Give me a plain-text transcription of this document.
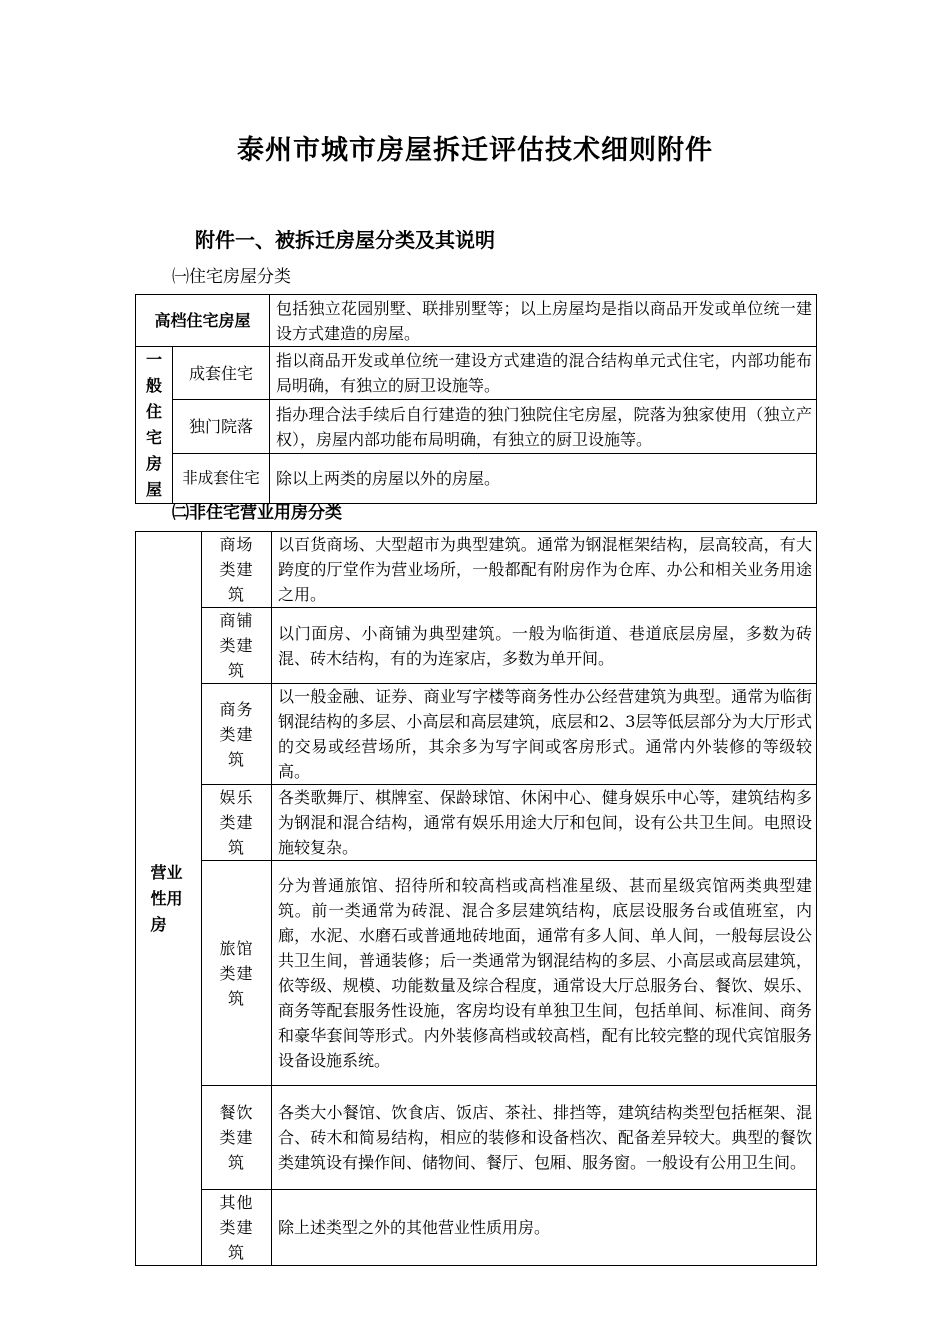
泰州市城市房屋拆迁评估技术细则附件
附件一、被拆迁房屋分类及其说明
㈠住宅房屋分类
高档住宅房屋		包括独立花园别墅、联排别墅等；以上房屋均是指以商品开发或单位统一建设方式建造的房屋。

一般住宅房屋	成套住宅	指以商品开发或单位统一建设方式建造的混合结构单元式住宅，内部功能布局明确，有独立的厨卫设施等。
	独门院落	指办理合法手续后自行建造的独门独院住宅房屋，院落为独家使用（独立产权），房屋内部功能布局明确，有独立的厨卫设施等。
	非成套住宅	除以上两类的房屋以外的房屋。
㈡非住宅营业用房分类
营业性用房	商场类建筑	以百货商场、大型超市为典型建筑。通常为钢混框架结构，层高较高，有大跨度的厅堂作为营业场所，一般都配有附房作为仓库、办公和相关业务用途之用。

	商铺类建筑	以门面房、小商铺为典型建筑。一般为临街道、巷道底层房屋，多数为砖混、砖木结构，有的为连家店，多数为单开间。

	商务类建筑	以一般金融、证券、商业写字楼等商务性办公经营建筑为典型。通常为临街钢混结构的多层、小高层和高层建筑，底层和2、3层等低层部分为大厅形式的交易或经营场所，其余多为写字间或客房形式。通常内外装修的等级较高。

	娱乐类建筑	各类歌舞厅、棋牌室、保龄球馆、休闲中心、健身娱乐中心等，建筑结构多为钢混和混合结构，通常有娱乐用途大厅和包间，设有公共卫生间。电照设施较复杂。

	旅馆类建筑	分为普通旅馆、招待所和较高档或高档准星级、甚而星级宾馆两类典型建筑。前一类通常为砖混、混合多层建筑结构，底层设服务台或值班室，内廊，水泥、水磨石或普通地砖地面，通常有多人间、单人间，一般每层设公共卫生间，普通装修；后一类通常为钢混结构的多层、小高层或高层建筑，依等级、规模、功能数量及综合程度，通常设大厅总服务台、餐饮、娱乐、商务等配套服务性设施，客房均设有单独卫生间，包括单间、标准间、商务和豪华套间等形式。内外装修高档或较高档，配有比较完整的现代宾馆服务设备设施系统。

	餐饮类建筑	各类大小餐馆、饮食店、饭店、茶社、排挡等，建筑结构类型包括框架、混合、砖木和简易结构，相应的装修和设备档次、配备差异较大。典型的餐饮类建筑设有操作间、储物间、餐厅、包厢、服务窗。一般设有公用卫生间。

	其他类建筑	除上述类型之外的其他营业性质用房。
